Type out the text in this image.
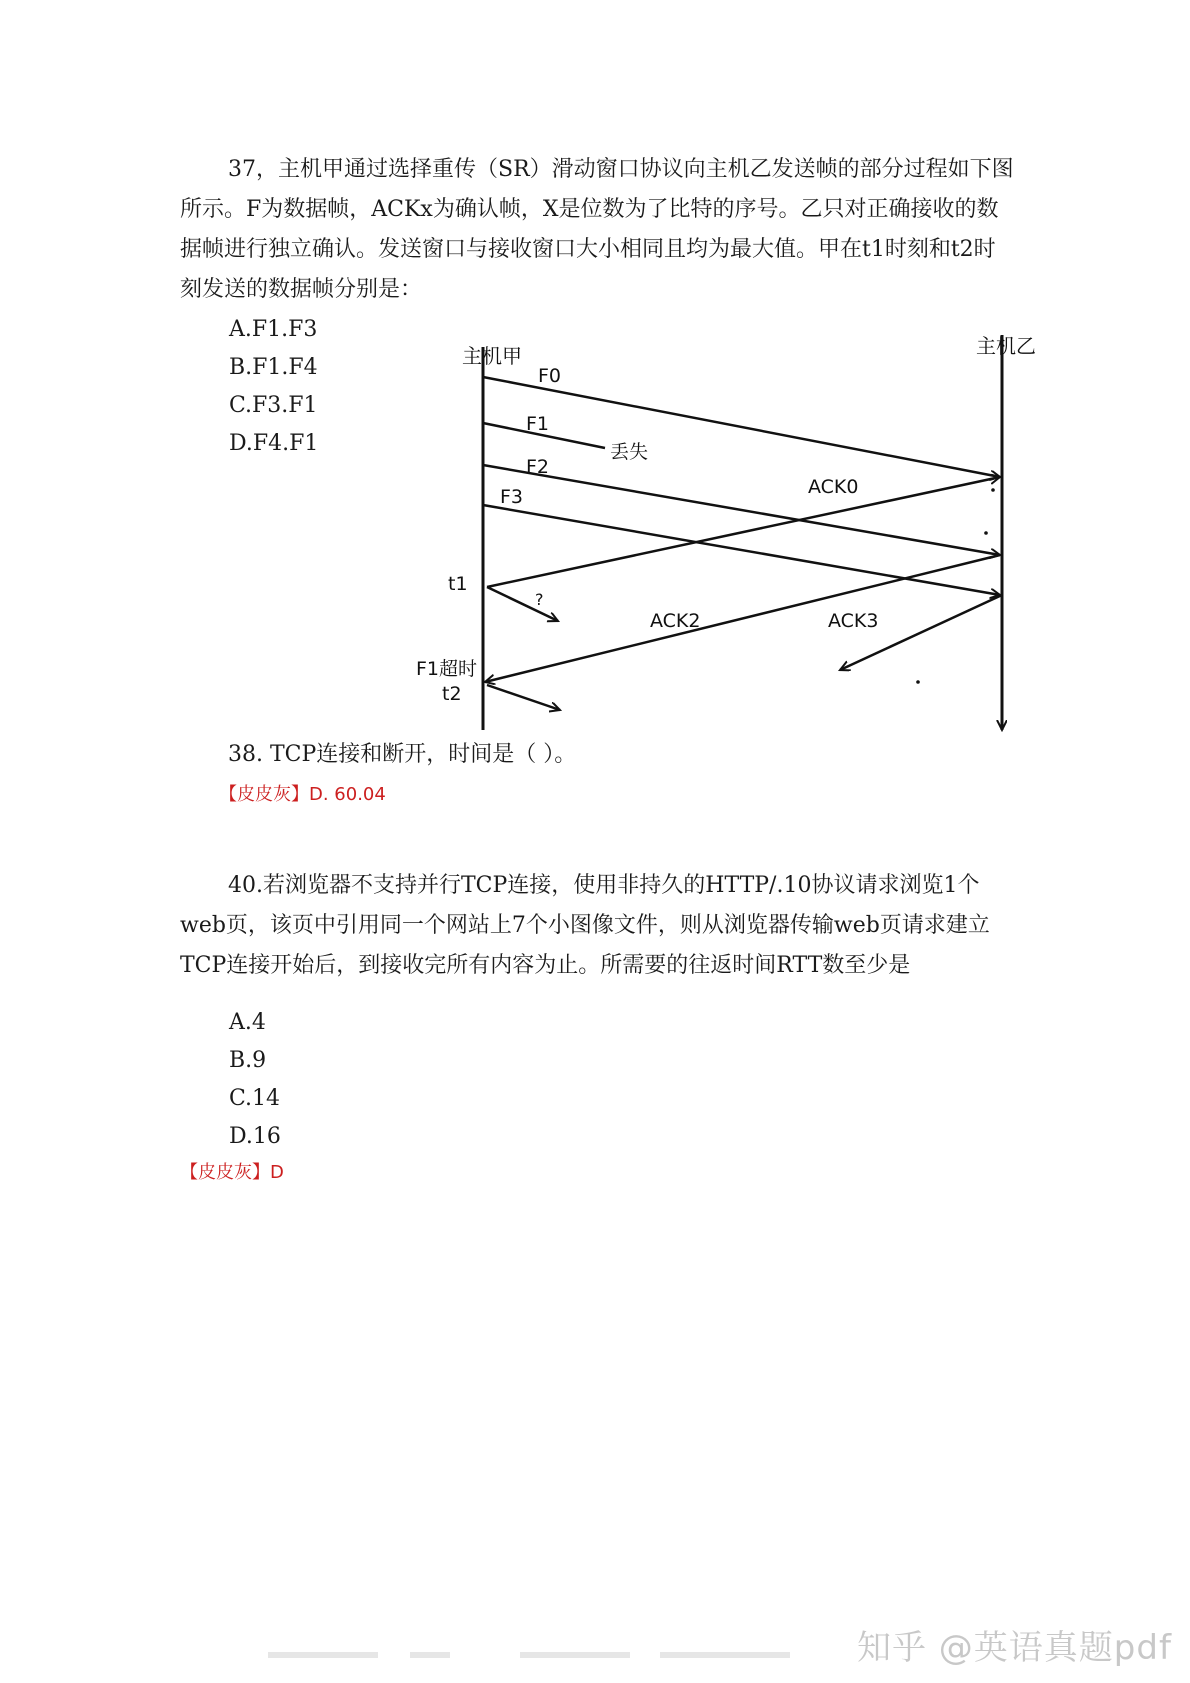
37，主机甲通过选择重传（SR）滑动窗口协议向主机乙发送帧的部分过程如下图所示。F为数据帧，ACKx为确认帧，X是位数为了比特的序号。乙只对正确接收的数据帧进行独立确认。发送窗口与接收窗口大小相同且均为最大值。甲在t1时刻和t2时刻发送的数据帧分别是：

A.F1.F3
B.F1.F4
C.F3.F1
D.F4.F1
主机甲	主机乙
F0
F1
丢失
F2
F3	ACK0
t1
?
ACK2	ACK3
F1超时
t2

38. TCP连接和断开，时间是（ ）。

【皮皮灰】D. 60.04

40.若浏览器不支持并行TCP连接，使用非持久的HTTP/.10协议请求浏览1个web页，该页中引用同一个网站上7个小图像文件，则从浏览器传输web页请求建立TCP连接开始后，到接收完所有内容为止。所需要的往返时间RTT数至少是

A.4
B.9
C.14
D.16
【皮皮灰】D
知乎 @英语真题pdf
